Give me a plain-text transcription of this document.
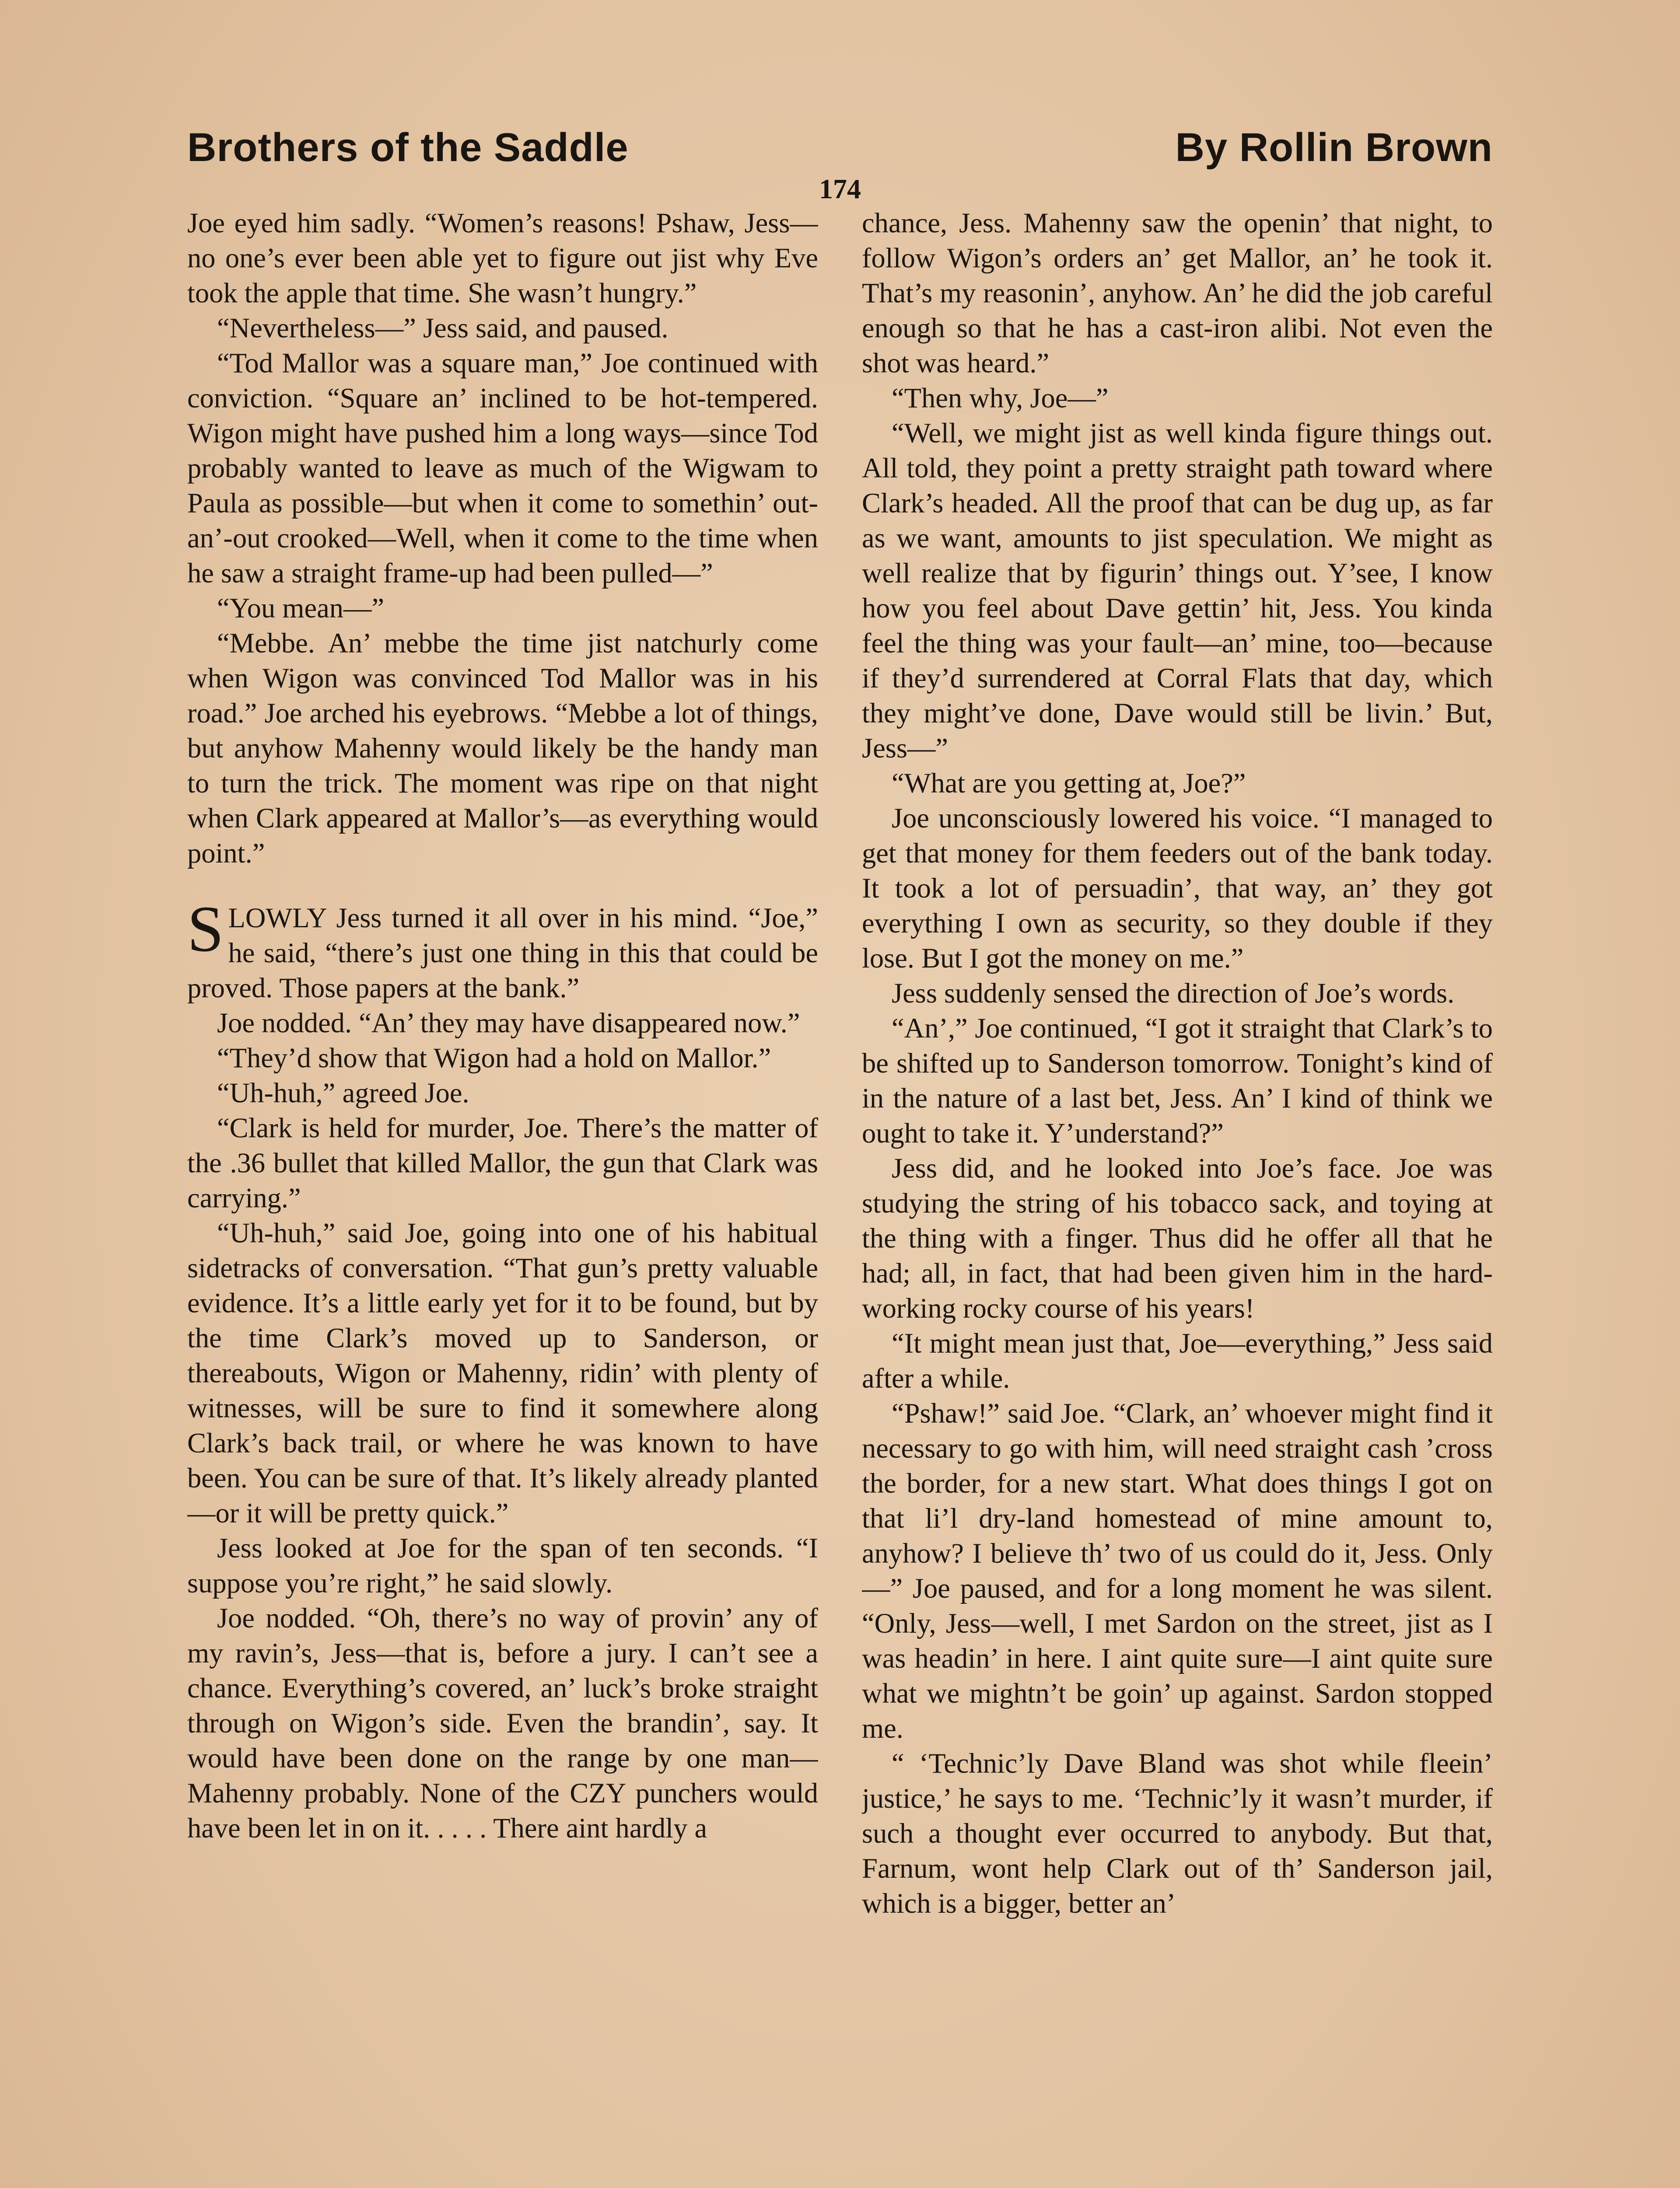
Brothers of the Saddle	By Rollin Brown
174

Joe eyed him sadly. “Women’s reasons! Pshaw, Jess—no one’s ever been able yet to figure out jist why Eve took the apple that time. She wasn’t hungry.”

“Nevertheless—” Jess said, and paused.

“Tod Mallor was a square man,” Joe continued with conviction. “Square an’ inclined to be hot-tempered. Wigon might have pushed him a long ways—since Tod probably wanted to leave as much of the Wigwam to Paula as possible—but when it come to somethin’ out-an’-out crooked—Well, when it come to the time when he saw a straight frame-up had been pulled—”

“You mean—”

“Mebbe. An’ mebbe the time jist natchurly come when Wigon was convinced Tod Mallor was in his road.” Joe arched his eyebrows. “Mebbe a lot of things, but anyhow Mahenny would likely be the handy man to turn the trick. The moment was ripe on that night when Clark appeared at Mallor’s—as everything would point.”

SLOWLY Jess turned it all over in his mind. “Joe,” he said, “there’s just one thing in this that could be proved. Those papers at the bank.”

Joe nodded. “An’ they may have disappeared now.”

“They’d show that Wigon had a hold on Mallor.”

“Uh-huh,” agreed Joe.

“Clark is held for murder, Joe. There’s the matter of the .36 bullet that killed Mallor, the gun that Clark was carrying.”

“Uh-huh,” said Joe, going into one of his habitual sidetracks of conversation. “That gun’s pretty valuable evidence. It’s a little early yet for it to be found, but by the time Clark’s moved up to Sanderson, or thereabouts, Wigon or Mahenny, ridin’ with plenty of witnesses, will be sure to find it somewhere along Clark’s back trail, or where he was known to have been. You can be sure of that. It’s likely already planted—or it will be pretty quick.”

Jess looked at Joe for the span of ten seconds. “I suppose you’re right,” he said slowly.

Joe nodded. “Oh, there’s no way of provin’ any of my ravin’s, Jess—that is, before a jury. I can’t see a chance. Everything’s covered, an’ luck’s broke straight through on Wigon’s side. Even the brandin’, say. It would have been done on the range by one man—Mahenny probably. None of the CZY punchers would have been let in on it. . . . . There aint hardly a

chance, Jess. Mahenny saw the openin’ that night, to follow Wigon’s orders an’ get Mallor, an’ he took it. That’s my reasonin’, anyhow. An’ he did the job careful enough so that he has a cast-iron alibi. Not even the shot was heard.”

“Then why, Joe—”

“Well, we might jist as well kinda figure things out. All told, they point a pretty straight path toward where Clark’s headed. All the proof that can be dug up, as far as we want, amounts to jist speculation. We might as well realize that by figurin’ things out. Y’see, I know how you feel about Dave gettin’ hit, Jess. You kinda feel the thing was your fault—an’ mine, too—because if they’d surrendered at Corral Flats that day, which they might’ve done, Dave would still be livin.’ But, Jess—”

“What are you getting at, Joe?”

Joe unconsciously lowered his voice. “I managed to get that money for them feeders out of the bank today. It took a lot of persuadin’, that way, an’ they got everything I own as security, so they double if they lose. But I got the money on me.”

Jess suddenly sensed the direction of Joe’s words.

“An’,” Joe continued, “I got it straight that Clark’s to be shifted up to Sanderson tomorrow. Tonight’s kind of in the nature of a last bet, Jess. An’ I kind of think we ought to take it. Y’understand?”

Jess did, and he looked into Joe’s face. Joe was studying the string of his tobacco sack, and toying at the thing with a finger. Thus did he offer all that he had; all, in fact, that had been given him in the hard-working rocky course of his years!

“It might mean just that, Joe—everything,” Jess said after a while.

“Pshaw!” said Joe. “Clark, an’ whoever might find it necessary to go with him, will need straight cash ’cross the border, for a new start. What does things I got on that li’l dry-land homestead of mine amount to, anyhow? I believe th’ two of us could do it, Jess. Only—” Joe paused, and for a long moment he was silent. “Only, Jess—well, I met Sardon on the street, jist as I was headin’ in here. I aint quite sure—I aint quite sure what we mightn’t be goin’ up against. Sardon stopped me.

“ ‘Technic’ly Dave Bland was shot while fleein’ justice,’ he says to me. ‘Technic’ly it wasn’t murder, if such a thought ever occurred to anybody. But that, Farnum, wont help Clark out of th’ Sanderson jail, which is a bigger, better an’
